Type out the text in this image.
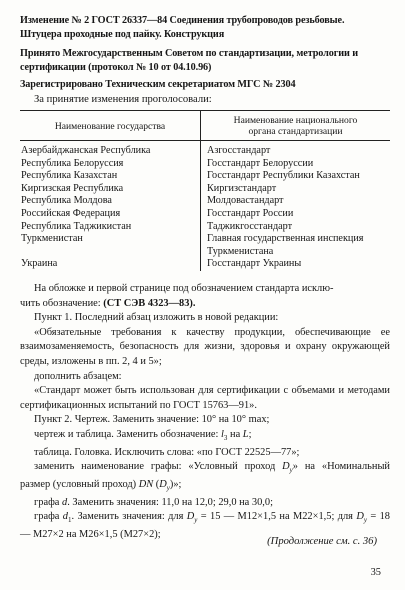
Изменение № 2 ГОСТ 26337—84 Соединения трубопроводов резьбовые.
Штуцера проходные под пайку. Конструкция
Принято Межгосударственным Советом по стандартизации, метрологии и
сертификации (протокол № 10 от 04.10.96)
Зарегистрировано Техническим секретариатом МГС № 2304
За принятие изменения проголосовали:
Наименование государства	Наименование национального
органа стандартизации
Азербайджанская Республика	Азгосстандарт
Республика Белоруссия	Госстандарт Белоруссии
Республика Казахстан	Госстандарт Республики Казахстан
Киргизская Республика	Киргизстандарт
Республика Молдова	Молдовастандарт
Российская Федерация	Госстандарт России
Республика Таджикистан	Таджикгосстандарт
Туркменистан	Главная государственная инспекция
	Туркменистана
Украина	Госстандарт Украины

На обложке и первой странице под обозначением стандарта исклю-
чить обозначение: (СТ СЭВ 4323—83).

Пункт 1. Последний абзац изложить в новой редакции:

«Обязательные требования к качеству продукции, обеспечивающие ее взаимозаменяемость, безопасность для жизни, здоровья и охрану окружающей среды, изложены в пп. 2, 4 и 5»;

дополнить абзацем:

«Стандарт может быть использован для сертификации с объемами и методами сертификационных испытаний по ГОСТ 15763—91».

Пункт 2. Чертеж. Заменить значение: 10° на 10° max;

чертеж и таблица. Заменить обозначение: $l_3$ на L;

таблица. Головка. Исключить слова: «по ГОСТ 22525—77»;

заменить наименование графы: «Условный проход $D_y$» на «Номинальный размер (условный проход) DN $(D_y)$»;

графа d. Заменить значения: 11,0 на 12,0; 29,0 на 30,0;

графа $d_1$. Заменить значения: для $D_y = 15$ — М12×1,5 на М22×1,5; для $D_y = 18$ — М27×2 на М26×1,5 (М27×2);

(Продолжение см. с. 36)
35
